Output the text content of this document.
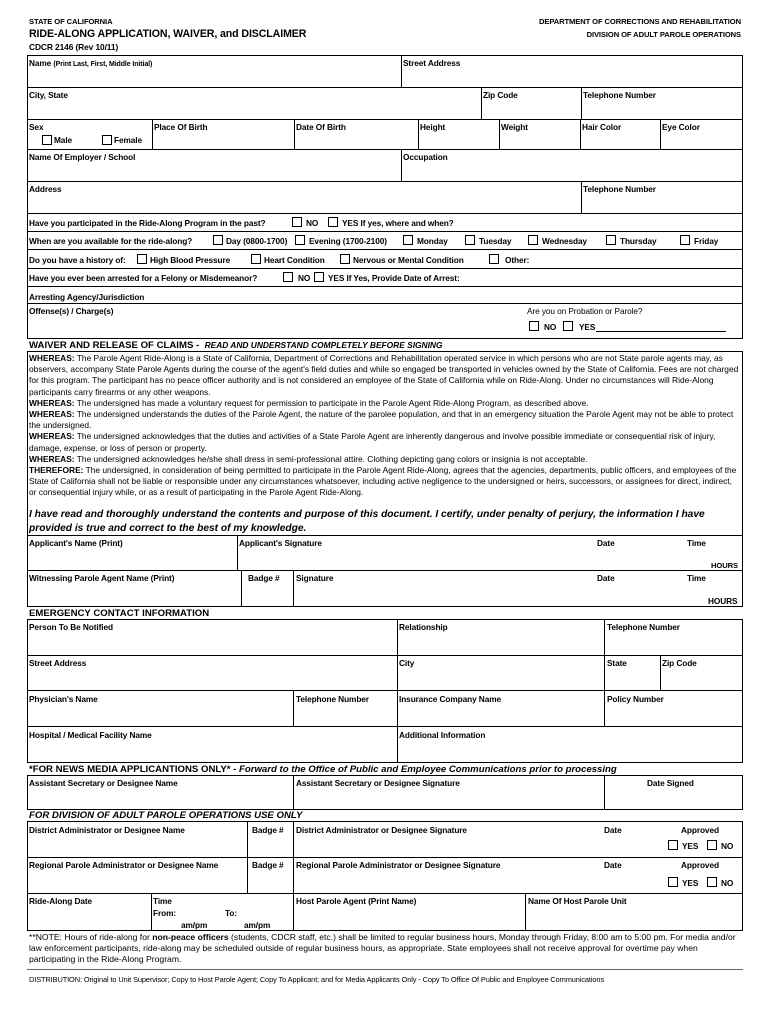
STATE OF CALIFORNIA
RIDE-ALONG APPLICATION, WAIVER, and DISCLAIMER
CDCR 2146 (Rev 10/11)
DEPARTMENT OF CORRECTIONS AND REHABILITATION
DIVISION OF ADULT PAROLE OPERATIONS
Name (Print Last, First, Middle Initial)	Street Address
City, State	Zip Code	Telephone Number
Sex
Male	Female
Place Of Birth	Date Of Birth	Height	Weight	Hair Color	Eye Color
Name Of Employer / School	Occupation
Address	Telephone Number
Have you participated in the Ride-Along Program in the past?	NO	YES If yes, where and when?
When are you available for the ride-along?	Day (0800-1700)	Evening (1700-2100)	Monday	Tuesday	Wednesday	Thursday	Friday
Do you have a history of:	High Blood Pressure	Heart Condition	Nervous or Mental Condition	Other:
Have you ever been arrested for a Felony or Misdemeanor?	NO YES If Yes, Provide Date of Arrest:
Arresting Agency/Jurisdiction
Offense(s) / Charge(s)	Are you on Probation or Parole?
NO	YES
WAIVER AND RELEASE OF CLAIMS - READ AND UNDERSTAND COMPLETELY BEFORE SIGNING
WHEREAS: The Parole Agent Ride-Along is a State of California, Department of Corrections and Rehabilitation operated service in which persons who are not State parole agents may, as observers, accompany State Parole Agents during the course of the agent's field duties and while so engaged be transported in vehicles owned by the State of California. Fees are not charged for this program. The participant has no peace officer authority and is not considered an employee of the State of California while on Ride-Along. Under no circumstances will Ride-Along participants carry firearms or any other weapons.
WHEREAS: The undersigned has made a voluntary request for permission to participate in the Parole Agent Ride-Along Program, as described above.
WHEREAS: The undersigned understands the duties of the Parole Agent, the nature of the parolee population, and that in an emergency situation the Parole Agent may not be able to protect the undersigned.
WHEREAS: The undersigned acknowledges that the duties and activities of a State Parole Agent are inherently dangerous and involve possible immediate or consequential risk of injury, damage, expense, or loss of person or property.
WHEREAS: The undersigned acknowledges he/she shall dress in semi-professional attire. Clothing depicting gang colors or insignia is not acceptable.
THEREFORE: The undersigned, in consideration of being permitted to participate in the Parole Agent Ride-Along, agrees that the agencies, departments, public officers, and employees of the State of California shall not be liable or responsible under any circumstances whatsoever, including active negligence to the undersigned or heirs, successors, or assignees for direct, indirect, or consequential injury while, or as a result of participating in the Parole Agent Ride-Along.
I have read and thoroughly understand the contents and purpose of this document. I certify, under penalty of perjury, the information I have provided is true and correct to the best of my knowledge.
Applicant's Name (Print)	Applicant's Signature	Date	Time
HOURS
Witnessing Parole Agent Name (Print)	Badge # Signature	Date	Time
HOURS
EMERGENCY CONTACT INFORMATION
Person To Be Notified	Relationship	Telephone Number
Street Address	City	State	Zip Code
Physician's Name	Telephone Number	Insurance Company Name	Policy Number
Hospital / Medical Facility Name	Additional Information
*FOR NEWS MEDIA APPLICANTIONS ONLY* - Forward to the Office of Public and Employee Communications prior to processing
Assistant Secretary or Designee Name	Assistant Secretary or Designee Signature	Date Signed
FOR DIVISION OF ADULT PAROLE OPERATIONS USE ONLY
District Administrator or Designee Name	Badge # District Administrator or Designee Signature	Date	Approved
YES	NO
Regional Parole Administrator or Designee Name	Badge # Regional Parole Administrator or Designee Signature	Date	Approved
YES	NO
Ride-Along Date	Time
From:	To:
am/pm	am/pm
Host Parole Agent (Print Name)	Name Of Host Parole Unit
**NOTE: Hours of ride-along for non-peace officers (students, CDCR staff, etc.) shall be limited to regular business hours, Monday through Friday, 8:00 am to 5:00 pm. For media and/or law enforcement participants, ride-along may be scheduled outside of regular business hours, as appropriate. State employees shall not receive approval for overtime pay when participating in the Ride-Along Program.
DISTRIBUTION: Original to Unit Supervisor; Copy to Host Parole Agent; Copy To Applicant; and for Media Applicants Only - Copy To Office Of Public and Employee Communications
